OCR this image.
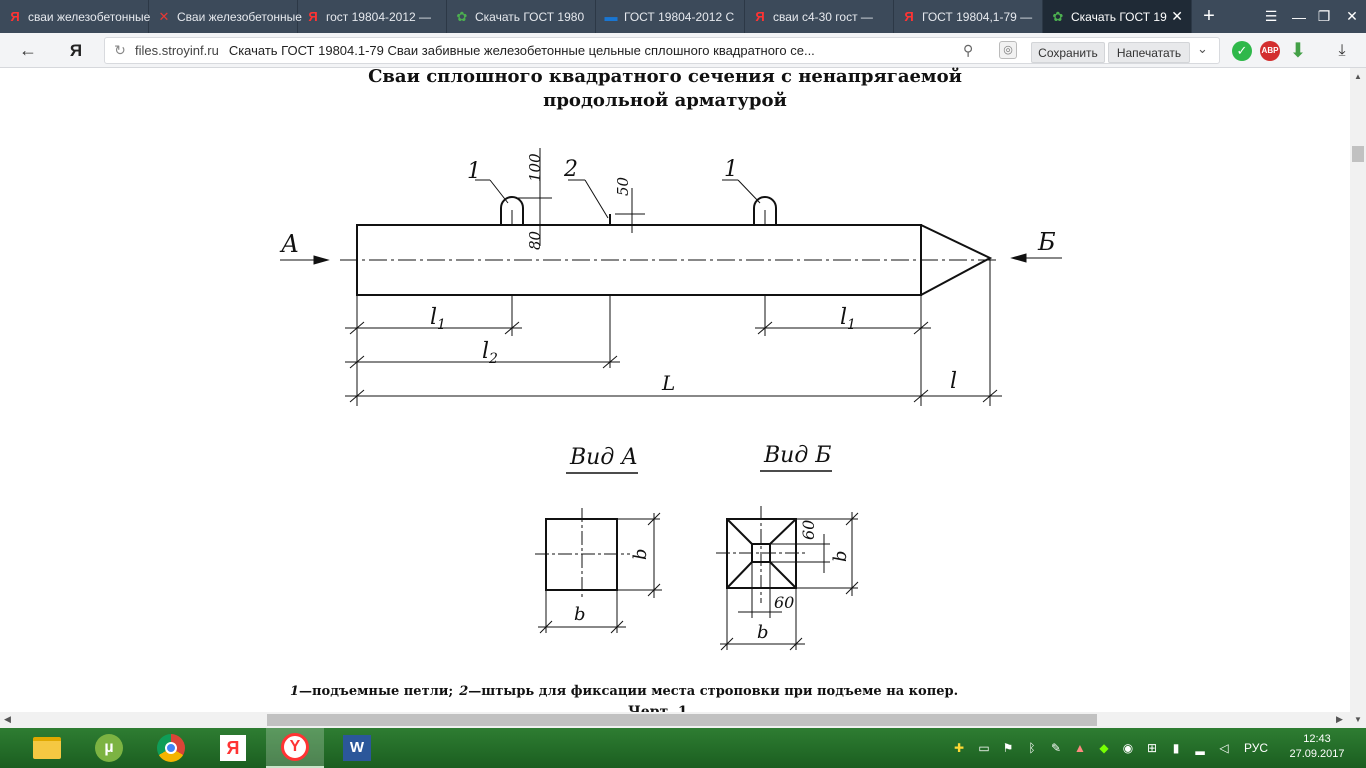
Я сваи железобетонные ✕ Сваи железобетонные Я гост 19804-2012 —	✿ Скачать ГОСТ 1980 ▬ ГОСТ 19804-2012 С Я сваи с4-30 гост —	Я ГОСТ 19804,1-79 — ✿ Скачать ГОСТ 19 ✕	+	☰	— ❐	✕
←	Я	↻ files.stroyinf.ru Скачать ГОСТ 19804.1-79 Сваи забивные железобетонные цельные сплошного квадратного се...	⚲	◎	Сохранить	Напечатать	⌄	✓	ABP ⬇	⤓
Сваи сплошного квадратного сечения с ненапрягаемой
продольной арматурой
1	2	1
100
50
80
А	Б
$l_1$
$l_2$
$l_1$
L	l
Вид А
b
b
Вид Б
60
b
60
b
1—подъемные петли; 2—штырь для фиксации места строповки при подъеме на копер.
▲
◀	▶	▼
µ	Я	Y	W	✚ ▭ ⚑	ᛒ	✎ ▲ ◆ ◉ ⊞	▮	▂ ◁ РУС
12:43
27.09.2017
